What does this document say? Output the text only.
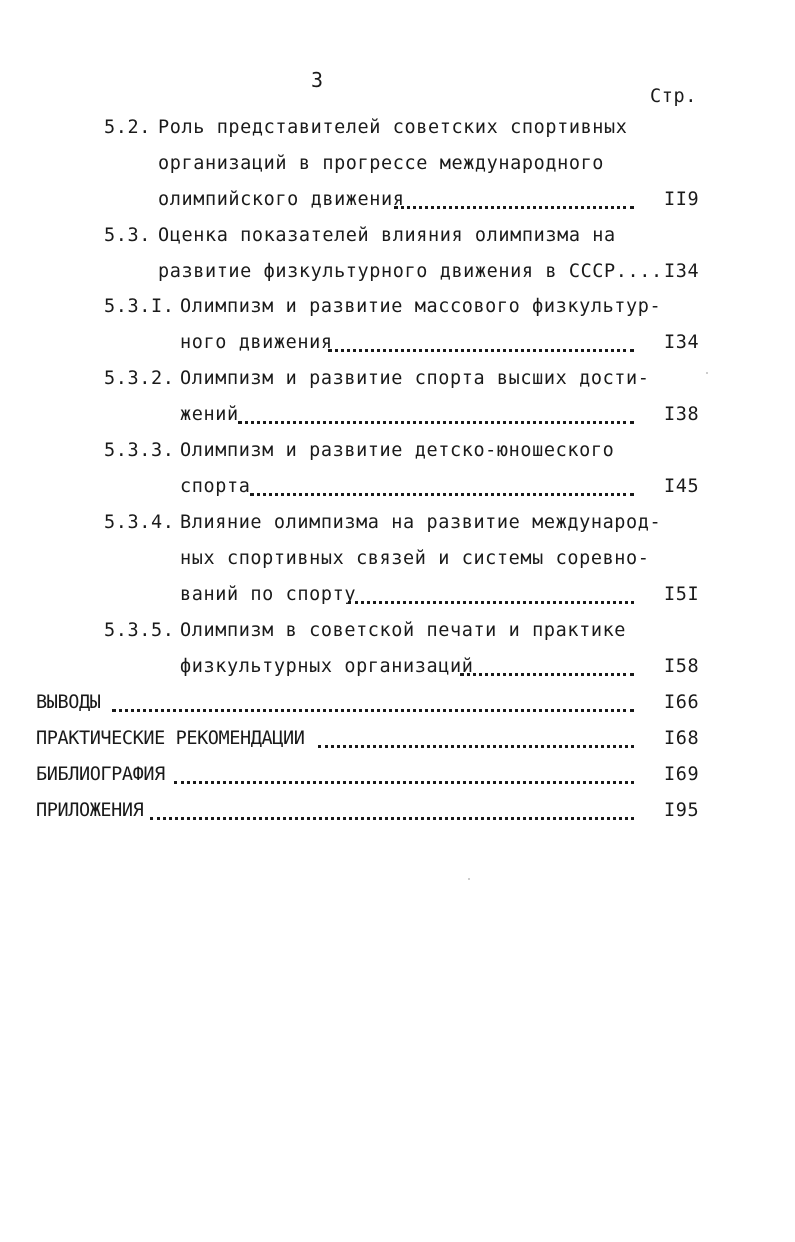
3
Стр.
5.2. Роль представителей советских спортивных
организаций в прогрессе международного
олимпийского движения	II9
5.3. Оценка показателей влияния олимпизма на
развитие физкультурного движения в СССР.... I34
5.3.I. Олимпизм и развитие массового физкультур-
ного движения	I34
5.3.2. Олимпизм и развитие спорта высших дости-
жений	I38
5.3.3. Олимпизм и развитие детско-юношеского
спорта	I45
5.3.4. Влияние олимпизма на развитие международ-
ных спортивных связей и системы соревно-
ваний по спорту	I5I
5.3.5. Олимпизм в советской печати и практике
физкультурных организаций	I58
ВЫВОДЫ	I66
ПРАКТИЧЕСКИЕ РЕКОМЕНДАЦИИ	I68
БИБЛИОГРАФИЯ	I69
ПРИЛОЖЕНИЯ	I95
